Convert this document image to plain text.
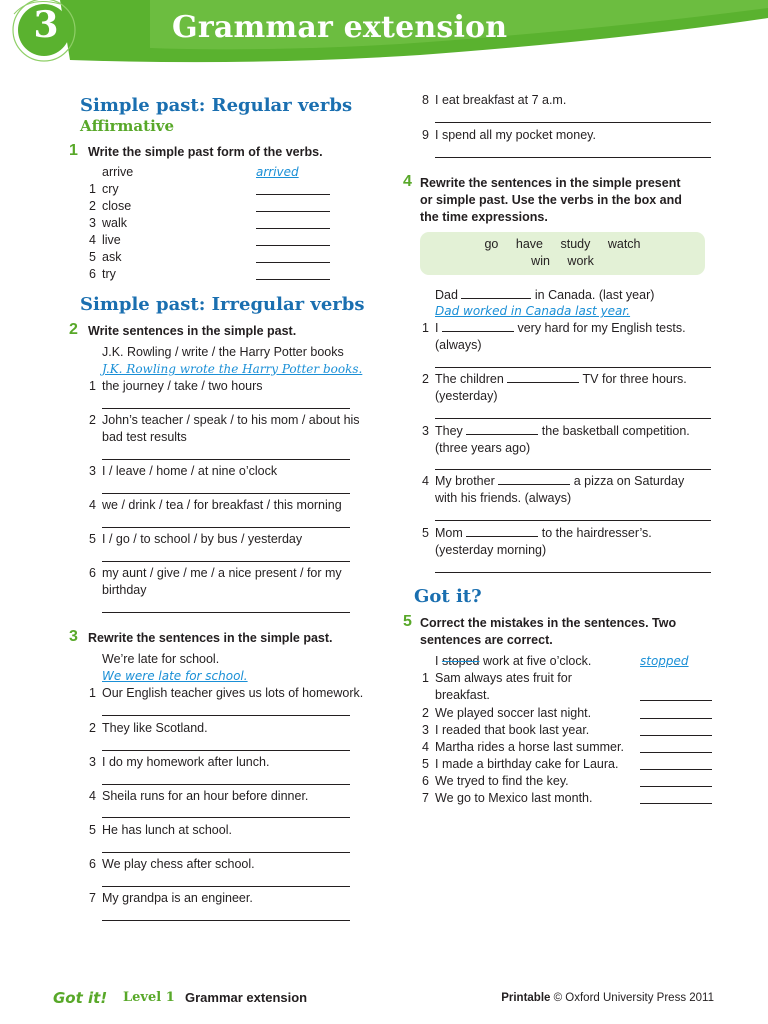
3	Grammar extension
Simple past: Regular verbs
Affirmative
1 Write the simple past form of the verbs.
arrive	arrived
1 cry
2 close
3 walk
4 live
5 ask
6 try
Simple past: Irregular verbs
2 Write sentences in the simple past.
J.K. Rowling / write / the Harry Potter books
J.K. Rowling wrote the Harry Potter books.
1 the journey / take / two hours
2 John’s teacher / speak / to his mom / about his
bad test results
3 I / leave / home / at nine o’clock
4 we / drink / tea / for breakfast / this morning
5 I / go / to school / by bus / yesterday
6 my aunt / give / me / a nice present / for my
birthday
3 Rewrite the sentences in the simple past.
We’re late for school.
We were late for school.
1 Our English teacher gives us lots of homework.
2 They like Scotland.
3 I do my homework after lunch.
4 Sheila runs for an hour before dinner.
5 He has lunch at school.
6 We play chess after school.
7 My grandpa is an engineer.
8 I eat breakfast at 7 a.m.
9 I spend all my pocket money.
4 Rewrite the sentences in the simple present
or simple past. Use the verbs in the box and
the time expressions.
go have study watch
win work
Dad	in Canada. (last year)
Dad worked in Canada last year.
1 I	very hard for my English tests.
(always)
2 The children	TV for three hours.
(yesterday)
3 They	the basketball competition.
(three years ago)
4 My brother	a pizza on Saturday
with his friends. (always)
5 Mom	to the hairdresser’s.
(yesterday morning)
Got it?
5 Correct the mistakes in the sentences. Two
sentences are correct.
I stoped work at five o’clock.	stopped
1 Sam always ates fruit for
breakfast.
2 We played soccer last night.
3 I readed that book last year.
4 Martha rides a horse last summer.
5 I made a birthday cake for Laura.
6 We tryed to find the key.
7 We go to Mexico last month.
Got it! Level 1 Grammar extension	Printable © Oxford University Press 2011
